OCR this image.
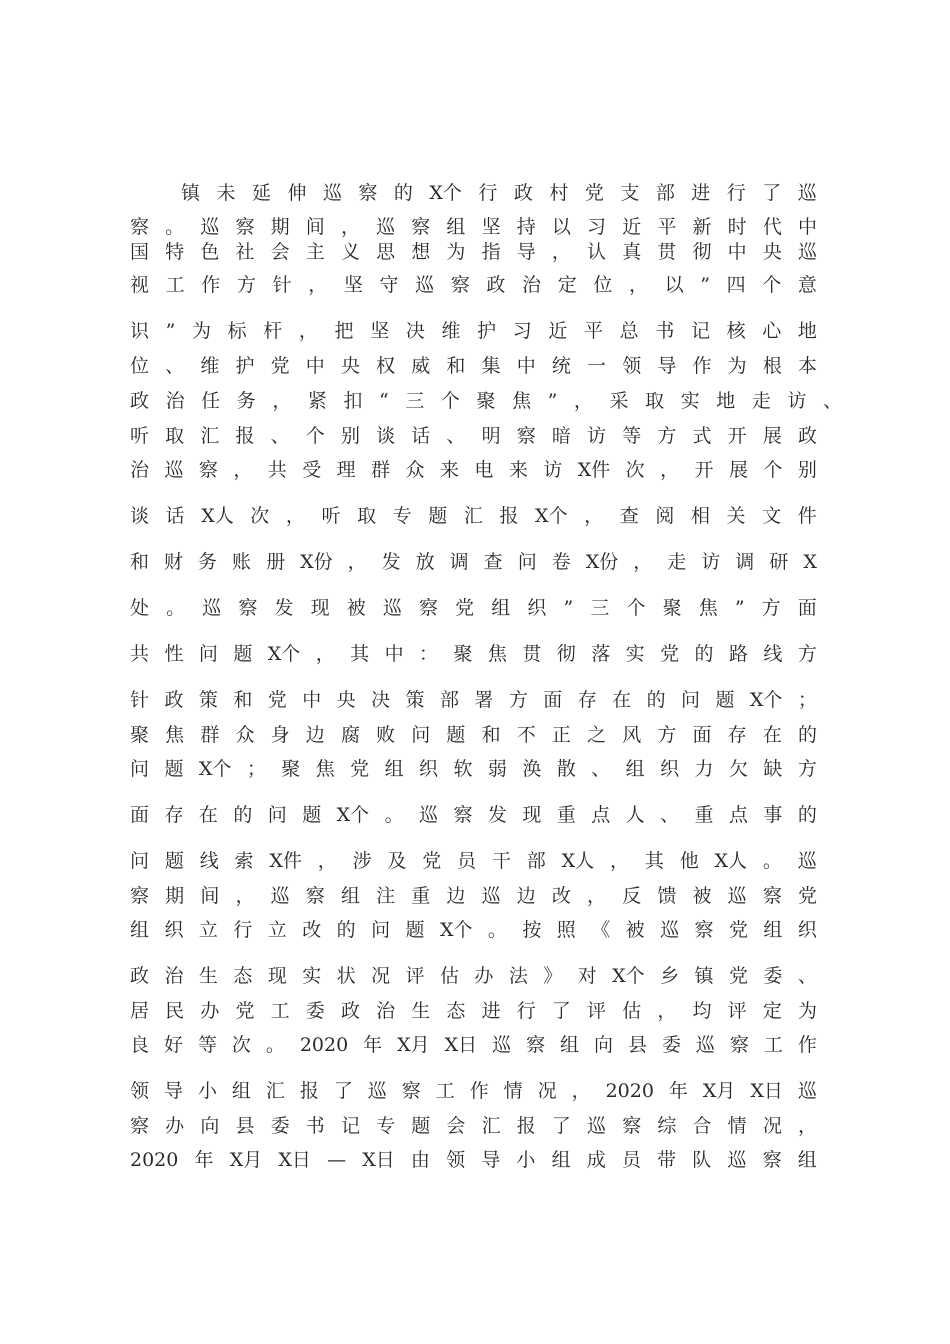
镇 未 延 伸 巡 察 的 X个 行 政 村 党 支 部 进 行 了 巡
察 。 巡 察 期 间 ， 巡 察 组 坚 持 以 习 近 平 新 时 代 中
国 特 色 社 会 主 义 思 想 为 指 导 ， 认 真 贯 彻 中 央 巡
视 工 作 方 针 ， 坚 守 巡 察 政 治 定 位 ， 以 ” 四 个 意
识 ” 为 标 杆 ， 把 坚 决 维 护 习 近 平 总 书 记 核 心 地
位 、 维 护 党 中 央 权 威 和 集 中 统 一 领 导 作 为 根 本
政 治 任 务 ， 紧 扣 “ 三 个 聚 焦 ” ， 采 取 实 地 走 访 、
听 取 汇 报 、 个 别 谈 话 、 明 察 暗 访 等 方 式 开 展 政
治 巡 察 ， 共 受 理 群 众 来 电 来 访 X件 次 ， 开 展 个 别
谈 话 X人 次 ， 听 取 专 题 汇 报 X个 ， 查 阅 相 关 文 件
和 财 务 账 册 X份 ， 发 放 调 查 问 卷 X份 ， 走 访 调 研 X
处 。 巡 察 发 现 被 巡 察 党 组 织 ” 三 个 聚 焦 ” 方 面
共 性 问 题 X个 ， 其 中 ： 聚 焦 贯 彻 落 实 党 的 路 线 方
针 政 策 和 党 中 央 决 策 部 署 方 面 存 在 的 问 题 X个 ；
聚 焦 群 众 身 边 腐 败 问 题 和 不 正 之 风 方 面 存 在 的
问 题 X个 ； 聚 焦 党 组 织 软 弱 涣 散 、 组 织 力 欠 缺 方
面 存 在 的 问 题 X个 。 巡 察 发 现 重 点 人 、 重 点 事 的
问 题 线 索 X件 ， 涉 及 党 员 干 部 X人 ， 其 他 X人 。 巡
察 期 间 ， 巡 察 组 注 重 边 巡 边 改 ， 反 馈 被 巡 察 党
组 织 立 行 立 改 的 问 题 X个 。 按 照 《 被 巡 察 党 组 织
政 治 生 态 现 实 状 况 评 估 办 法 》 对 X个 乡 镇 党 委 、
居 民 办 党 工 委 政 治 生 态 进 行 了 评 估 ， 均 评 定 为
良 好 等 次 。 2020 年 X月 X日 巡 察 组 向 县 委 巡 察 工 作
领 导 小 组 汇 报 了 巡 察 工 作 情 况 ， 2020 年 X月 X日 巡
察 办 向 县 委 书 记 专 题 会 汇 报 了 巡 察 综 合 情 况 ，
2020 年 X月 X日 — X日 由 领 导 小 组 成 员 带 队 巡 察 组
